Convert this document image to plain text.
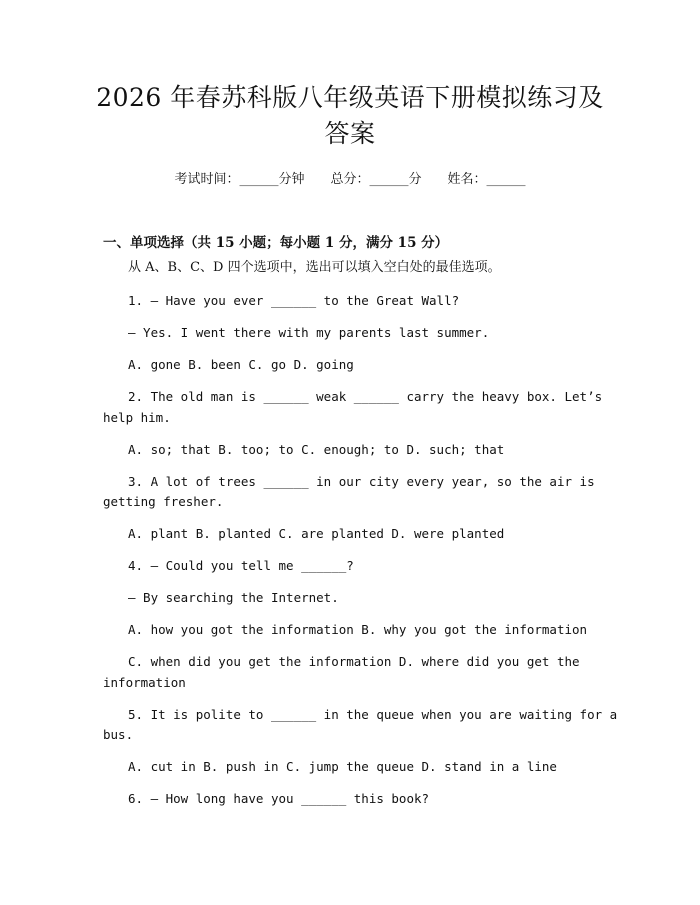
2026 年春苏科版八年级英语下册模拟练习及
答案
考试时间：______分钟 总分：______分 姓名：______
一、单项选择（共 15 小题；每小题 1 分，满分 15 分）

从 A、B、C、D 四个选项中，选出可以填入空白处的最佳选项。

1. — Have you ever ______ to the Great Wall?

— Yes. I went there with my parents last summer.

A. gone B. been C. go D. going

2. The old man is ______ weak ______ carry the heavy box. Let’s

help him.

A. so; that B. too; to C. enough; to D. such; that

3. A lot of trees ______ in our city every year, so the air is

getting fresher.

A. plant B. planted C. are planted D. were planted

4. — Could you tell me ______?

— By searching the Internet.

A. how you got the information B. why you got the information

C. when did you get the information D. where did you get the

information

5. It is polite to ______ in the queue when you are waiting for a

bus.

A. cut in B. push in C. jump the queue D. stand in a line

6. — How long have you ______ this book?
